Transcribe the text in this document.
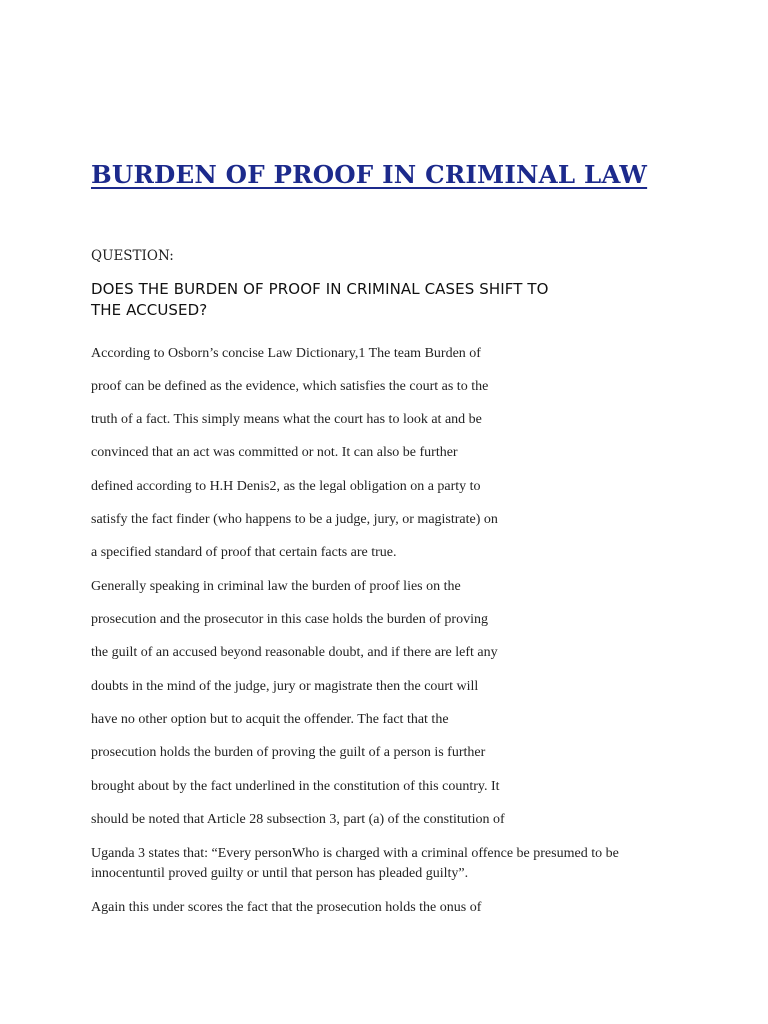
BURDEN OF PROOF IN CRIMINAL LAW
QUESTION:
DOES THE BURDEN OF PROOF IN CRIMINAL CASES SHIFT TO THE ACCUSED?
According to Osborn’s concise Law Dictionary,1 The team Burden of
proof can be defined as the evidence, which satisfies the court as to the
truth of a fact. This simply means what the court has to look at and be
convinced that an act was committed or not. It can also be further
defined according to H.H Denis2, as the legal obligation on a party to
satisfy the fact finder (who happens to be a judge, jury, or magistrate) on
a specified standard of proof that certain facts are true.
Generally speaking in criminal law the burden of proof lies on the
prosecution and the prosecutor in this case holds the burden of proving
the guilt of an accused beyond reasonable doubt, and if there are left any
doubts in the mind of the judge, jury or magistrate then the court will
have no other option but to acquit the offender. The fact that the
prosecution holds the burden of proving the guilt of a person is further
brought about by the fact underlined in the constitution of this country. It
should be noted that Article 28 subsection 3, part (a) of the constitution of
Uganda 3 states that: “Every personWho is charged with a criminal offence be presumed to be
innocentuntil proved guilty or until that person has pleaded guilty”.
Again this under scores the fact that the prosecution holds the onus of
